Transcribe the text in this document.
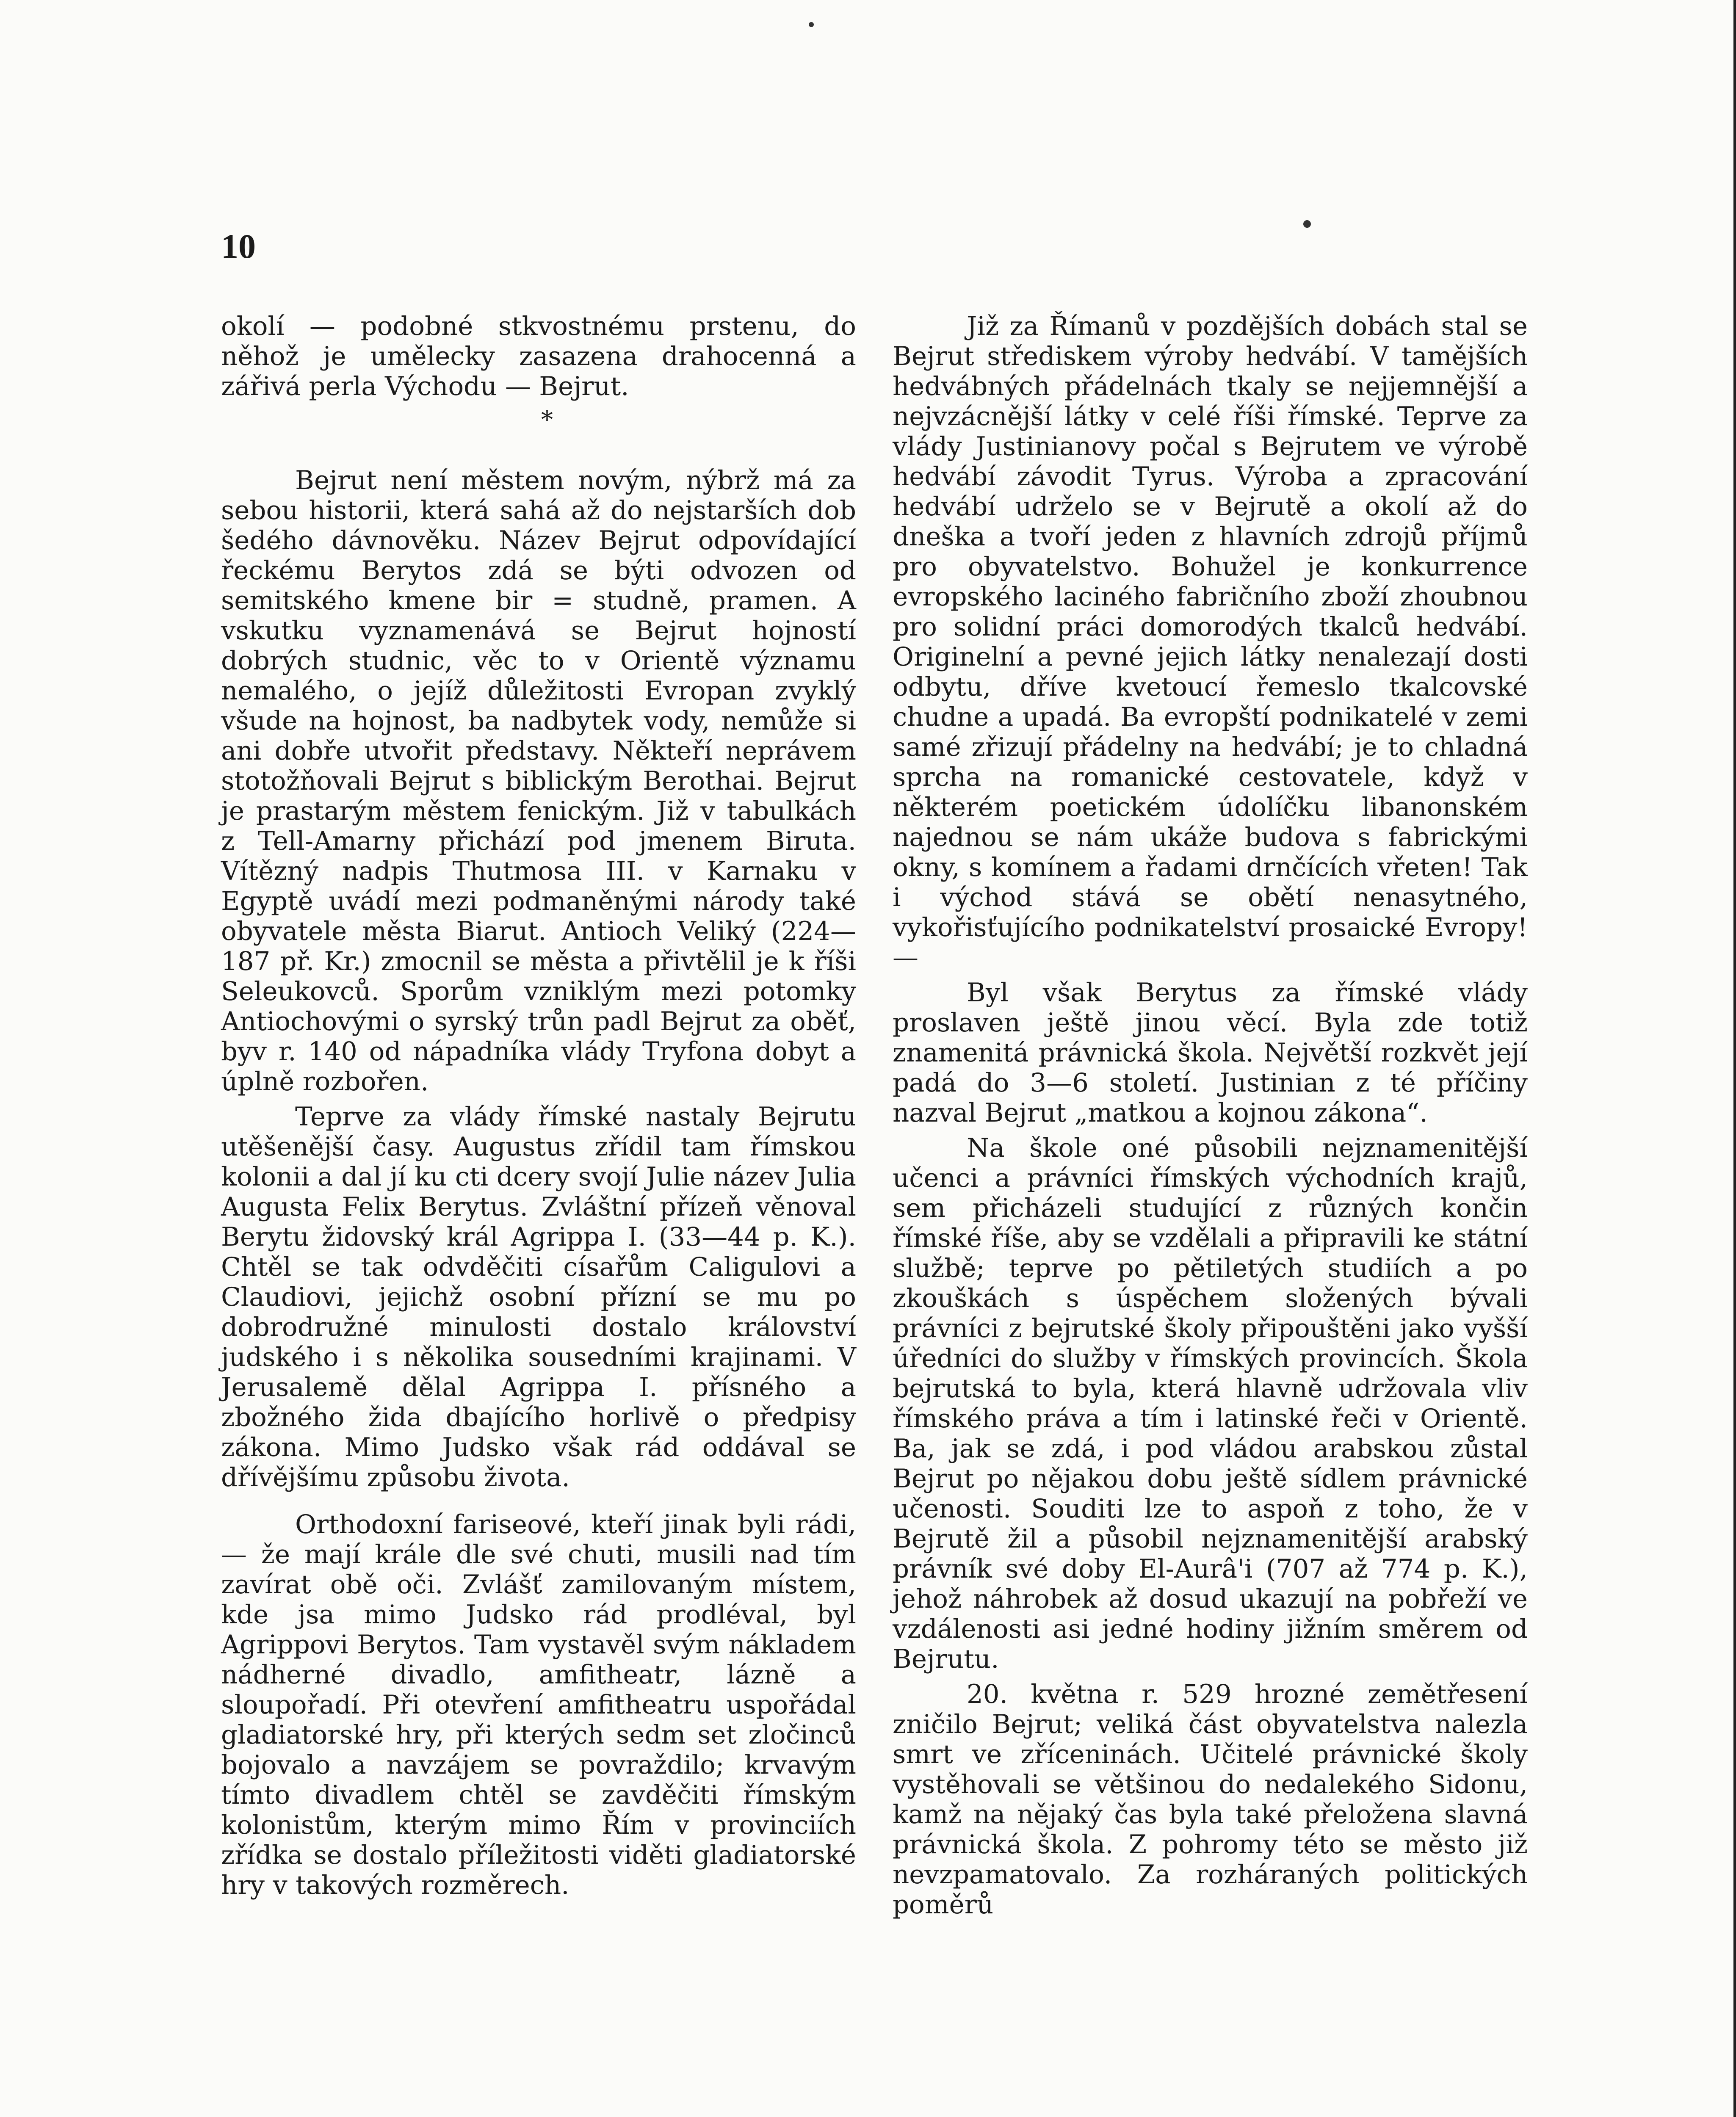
10

okolí — podobné stkvostnému prstenu, do něhož je umělecky zasazena drahocenná a zářivá perla Východu — Bejrut.

*

Bejrut není městem novým, nýbrž má za sebou historii, která sahá až do nejstarších dob šedého dávnověku. Název Bejrut odpovídající řeckému Berytos zdá se býti odvozen od semitského kmene bir = studně, pramen. A vskutku vyznamenává se Bejrut hojností dobrých studnic, věc to v Orientě významu nemalého, o jejíž důležitosti Evropan zvyklý všude na hojnost, ba nadbytek vody, nemůže si ani dobře utvořit představy. Někteří neprávem stotožňovali Bejrut s biblickým Berothai. Bejrut je prastarým městem fenickým. Již v tabulkách z Tell-Amarny přichází pod jmenem Biruta. Vítězný nadpis Thutmosa III. v Karnaku v Egyptě uvádí mezi podmaněnými národy také obyvatele města Biarut. Antioch Veliký (224—187 př. Kr.) zmocnil se města a přivtělil je k říši Seleukovců. Sporům vzniklým mezi potomky Antiochovými o syrský trůn padl Bejrut za oběť, byv r. 140 od nápadníka vlády Tryfona dobyt a úplně rozbořen.

Teprve za vlády římské nastaly Bejrutu utěšenější časy. Augustus zřídil tam římskou kolonii a dal jí ku cti dcery svojí Julie název Julia Augusta Felix Berytus. Zvláštní přízeň věnoval Berytu židovský král Agrippa I. (33—44 p. K.). Chtěl se tak odvděčiti císařům Caligulovi a Claudiovi, jejichž osobní přízní se mu po dobrodružné minulosti dostalo království judského i s několika sousedními krajinami. V Jerusalemě dělal Agrippa I. přísného a zbožného žida dbajícího horlivě o předpisy zákona. Mimo Judsko však rád oddával se dřívějšímu způsobu života.

Orthodoxní fariseové, kteří jinak byli rádi, — že mají krále dle své chuti, musili nad tím zavírat obě oči. Zvlášť zamilovaným místem, kde jsa mimo Judsko rád prodléval, byl Agrippovi Berytos. Tam vystavěl svým nákladem nádherné divadlo, amfitheatr, lázně a sloupořadí. Při otevření amfitheatru uspořádal gladiatorské hry, při kterých sedm set zločinců bojovalo a navzájem se povraždilo; krvavým tímto divadlem chtěl se zavděčiti římským kolonistům, kterým mimo Řím v provinciích zřídka se dostalo příležitosti viděti gladiatorské hry v takových rozměrech.

Již za Římanů v pozdějších dobách stal se Bejrut střediskem výroby hedvábí. V tamějších hedvábných přádelnách tkaly se nejjemnější a nejvzácnější látky v celé říši římské. Teprve za vlády Justinianovy počal s Bejrutem ve výrobě hedvábí závodit Tyrus. Výroba a zpracování hedvábí udrželo se v Bejrutě a okolí až do dneška a tvoří jeden z hlavních zdrojů příjmů pro obyvatelstvo. Bohužel je konkurrence evropského laciného fabričního zboží zhoubnou pro solidní práci domorodých tkalců hedvábí. Originelní a pevné jejich látky nenalezají dosti odbytu, dříve kvetoucí řemeslo tkalcovské chudne a upadá. Ba evropští podnikatelé v zemi samé zřizují přádelny na hedvábí; je to chladná sprcha na romanické cestovatele, když v některém poetickém údolíčku libanonském najednou se nám ukáže budova s fabrickými okny, s komínem a řadami drnčících vřeten! Tak i východ stává se obětí nenasytného, vykořisťujícího podnikatelství prosaické Evropy! —

Byl však Berytus za římské vlády proslaven ještě jinou věcí. Byla zde totiž znamenitá právnická škola. Největší rozkvět její padá do 3—6 století. Justinian z té příčiny nazval Bejrut „matkou a kojnou zákona“.

Na škole oné působili nejznamenitější učenci a právníci římských východních krajů, sem přicházeli studující z různých končin římské říše, aby se vzdělali a připravili ke státní službě; teprve po pětiletých studiích a po zkouškách s úspěchem složených bývali právníci z bejrutské školy připouštěni jako vyšší úředníci do služby v římských provincích. Škola bejrutská to byla, která hlavně udržovala vliv římského práva a tím i latinské řeči v Orientě. Ba, jak se zdá, i pod vládou arabskou zůstal Bejrut po nějakou dobu ještě sídlem právnické učenosti. Souditi lze to aspoň z toho, že v Bejrutě žil a působil nejznamenitější arabský právník své doby El-Aurâ'i (707 až 774 p. K.), jehož náhrobek až dosud ukazují na pobřeží ve vzdálenosti asi jedné hodiny jižním směrem od Bejrutu.

20. května r. 529 hrozné zemětřesení zničilo Bejrut; veliká část obyvatelstva nalezla smrt ve zříceninách. Učitelé právnické školy vystěhovali se většinou do nedalekého Sidonu, kamž na nějaký čas byla také přeložena slavná právnická škola. Z pohromy této se město již nevzpamatovalo. Za rozháraných politických poměrů
